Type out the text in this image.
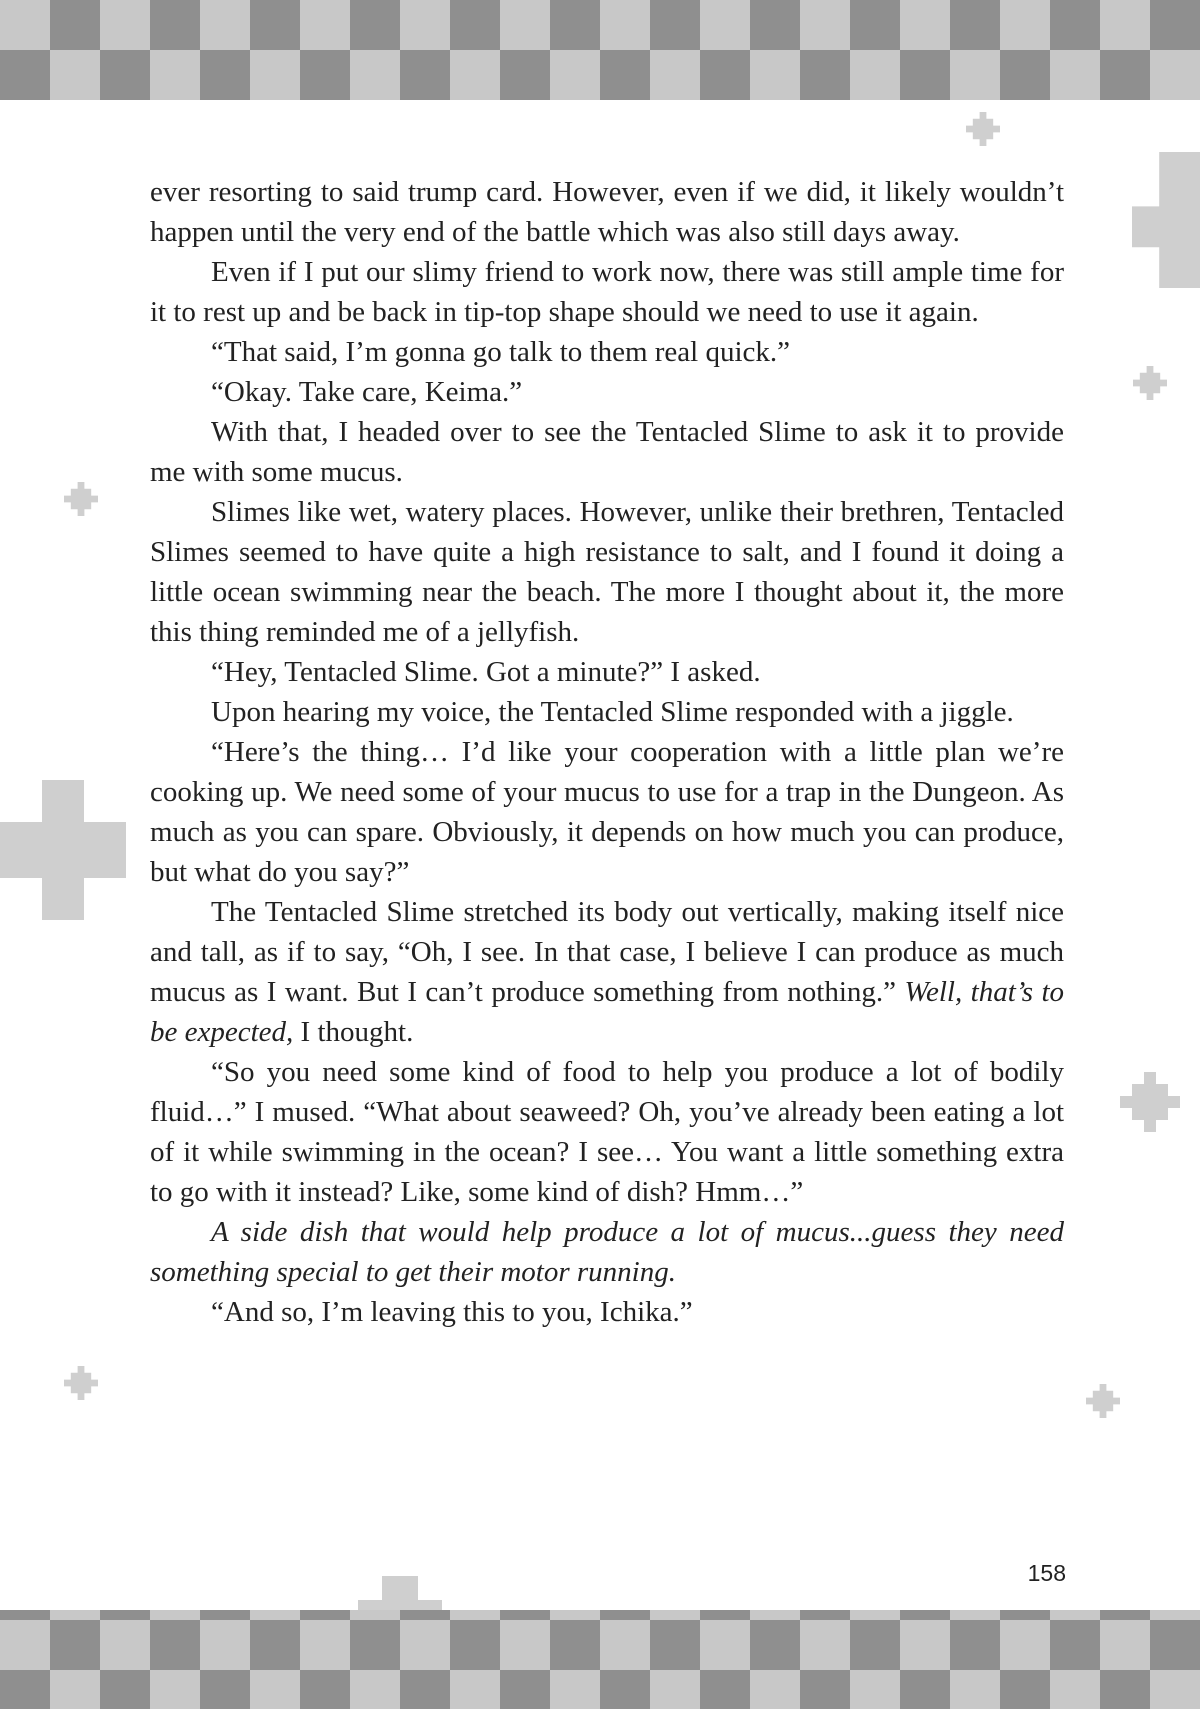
ever resorting to said trump card. However, even if we did, it likely wouldn’t happen until the very end of the battle which was also still days away.

Even if I put our slimy friend to work now, there was still ample time for it to rest up and be back in tip-top shape should we need to use it again.

“That said, I’m gonna go talk to them real quick.”

“Okay. Take care, Keima.”

With that, I headed over to see the Tentacled Slime to ask it to provide me with some mucus.

Slimes like wet, watery places. However, unlike their brethren, Tentacled Slimes seemed to have quite a high resistance to salt, and I found it doing a little ocean swimming near the beach. The more I thought about it, the more this thing reminded me of a jellyfish.

“Hey, Tentacled Slime. Got a minute?” I asked.

Upon hearing my voice, the Tentacled Slime responded with a jiggle.

“Here’s the thing… I’d like your cooperation with a little plan we’re cooking up. We need some of your mucus to use for a trap in the Dungeon. As much as you can spare. Obviously, it depends on how much you can produce, but what do you say?”

The Tentacled Slime stretched its body out vertically, making itself nice and tall, as if to say, “Oh, I see. In that case, I believe I can produce as much mucus as I want. But I can’t produce something from nothing.” Well, that’s to be expected, I thought.

“So you need some kind of food to help you produce a lot of bodily fluid…” I mused. “What about seaweed? Oh, you’ve already been eating a lot of it while swimming in the ocean? I see… You want a little something extra to go with it instead? Like, some kind of dish? Hmm…”

A side dish that would help produce a lot of mucus...guess they need something special to get their motor running.

“And so, I’m leaving this to you, Ichika.”

158
